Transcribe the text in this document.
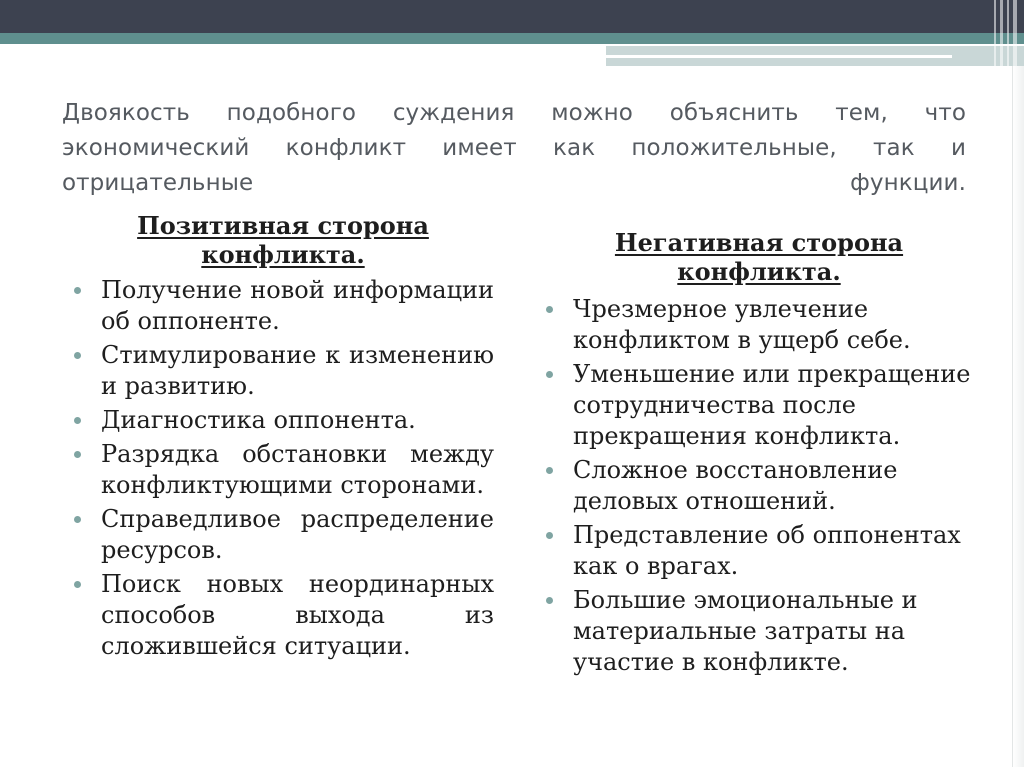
Двоякость подобного суждения можно объяснить тем, что экономический конфликт имеет как положительные, так и отрицательные функции.
Позитивная сторона конфликта.
Получение новой информации об оппоненте.
Стимулирование к изменению и развитию.
Диагностика оппонента.
Разрядка обстановки между конфликтующими сторонами.
Справедливое распределение ресурсов.
Поиск новых неординарных способов выхода из сложившейся ситуации.
Негативная сторона конфликта.
Чрезмерное увлечение конфликтом в ущерб себе.
Уменьшение или прекращение сотрудничества после прекращения конфликта.
Сложное восстановление деловых отношений.
Представление об оппонентах как о врагах.
Большие эмоциональные и материальные затраты на участие в конфликте.
